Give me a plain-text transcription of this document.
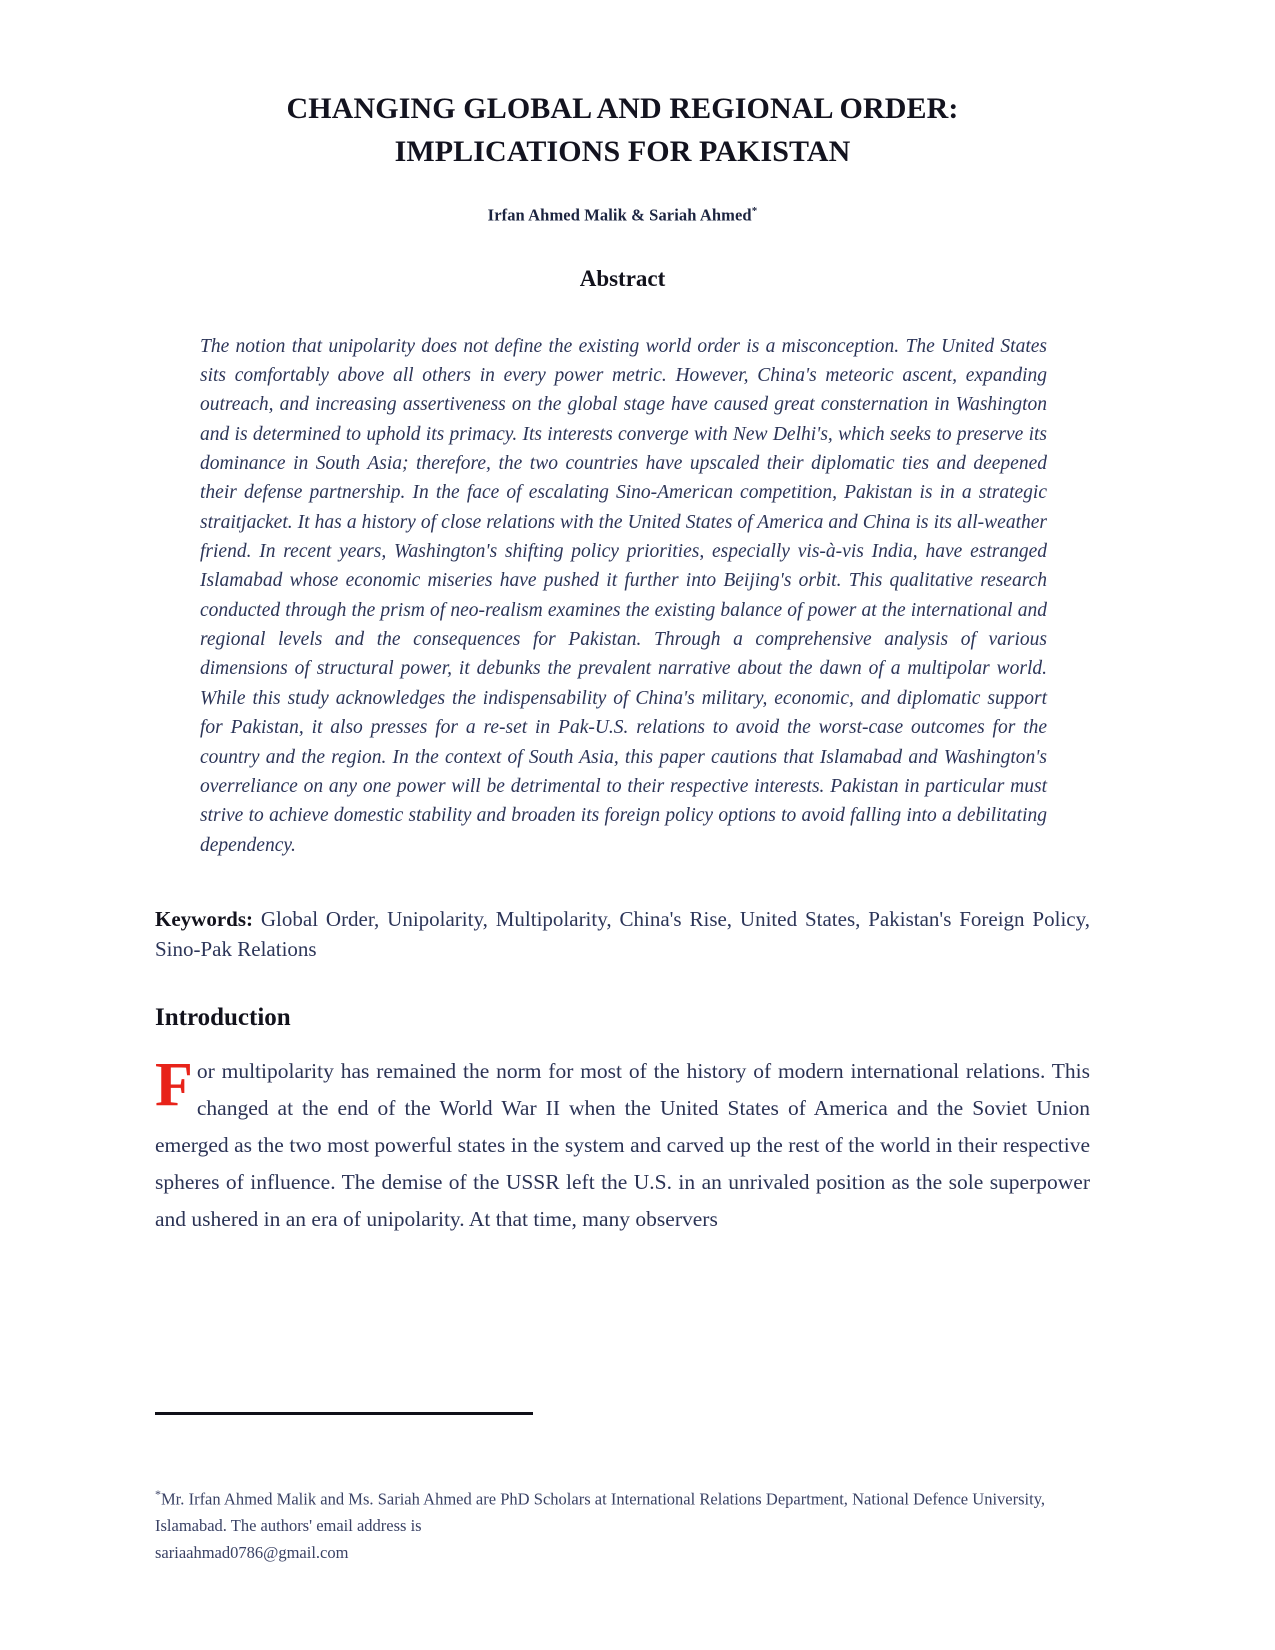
CHANGING GLOBAL AND REGIONAL ORDER: IMPLICATIONS FOR PAKISTAN
Irfan Ahmed Malik & Sariah Ahmed*
Abstract

The notion that unipolarity does not define the existing world order is a misconception. The United States sits comfortably above all others in every power metric. However, China's meteoric ascent, expanding outreach, and increasing assertiveness on the global stage have caused great consternation in Washington and is determined to uphold its primacy. Its interests converge with New Delhi's, which seeks to preserve its dominance in South Asia; therefore, the two countries have upscaled their diplomatic ties and deepened their defense partnership. In the face of escalating Sino-American competition, Pakistan is in a strategic straitjacket. It has a history of close relations with the United States of America and China is its all-weather friend. In recent years, Washington's shifting policy priorities, especially vis-à-vis India, have estranged Islamabad whose economic miseries have pushed it further into Beijing's orbit. This qualitative research conducted through the prism of neo-realism examines the existing balance of power at the international and regional levels and the consequences for Pakistan. Through a comprehensive analysis of various dimensions of structural power, it debunks the prevalent narrative about the dawn of a multipolar world. While this study acknowledges the indispensability of China's military, economic, and diplomatic support for Pakistan, it also presses for a re-set in Pak-U.S. relations to avoid the worst-case outcomes for the country and the region. In the context of South Asia, this paper cautions that Islamabad and Washington's overreliance on any one power will be detrimental to their respective interests. Pakistan in particular must strive to achieve domestic stability and broaden its foreign policy options to avoid falling into a debilitating dependency.

Keywords: Global Order, Unipolarity, Multipolarity, China's Rise, United States, Pakistan's Foreign Policy, Sino-Pak Relations

Introduction

For multipolarity has remained the norm for most of the history of modern international relations. This changed at the end of the World War II when the United States of America and the Soviet Union emerged as the two most powerful states in the system and carved up the rest of the world in their respective spheres of influence. The demise of the USSR left the U.S. in an unrivaled position as the sole superpower and ushered in an era of unipolarity. At that time, many observers

*Mr. Irfan Ahmed Malik and Ms. Sariah Ahmed are PhD Scholars at International Relations Department, National Defence University, Islamabad. The authors' email address is
sariaahmad0786@gmail.com
